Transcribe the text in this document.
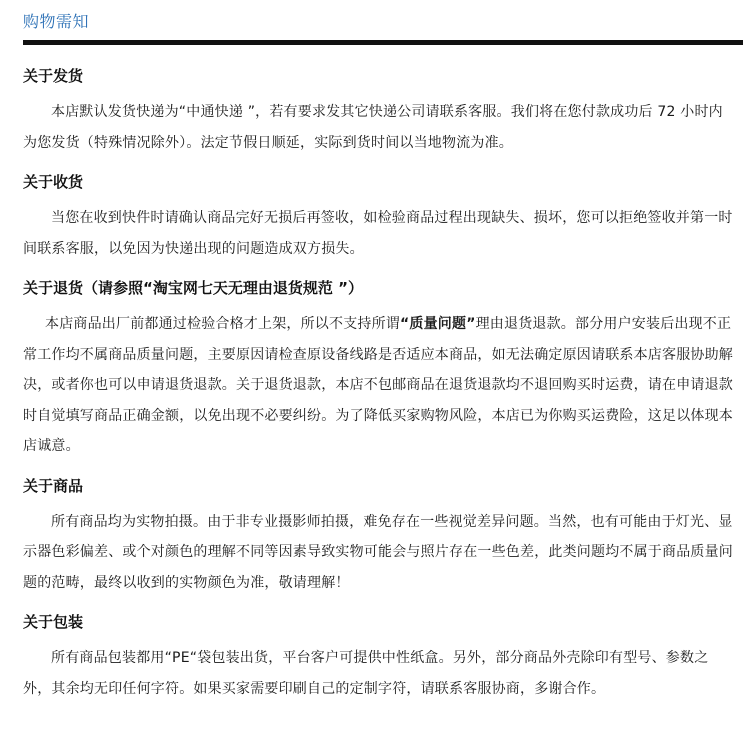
购物需知
关于发货

本店默认发货快递为“中通快递 ”，若有要求发其它快递公司请联系客服。我们将在您付款成功后 72 小时内为您发货（特殊情况除外）。法定节假日顺延，实际到货时间以当地物流为准。

关于收货

当您在收到快件时请确认商品完好无损后再签收，如检验商品过程出现缺失、损坏，您可以拒绝签收并第一时间联系客服，以免因为快递出现的问题造成双方损失。

关于退货（请参照“淘宝网七天无理由退货规范 ”）

本店商品出厂前都通过检验合格才上架，所以不支持所谓“质量问题”理由退货退款。部分用户安装后出现不正常工作均不属商品质量问题，主要原因请检查原设备线路是否适应本商品，如无法确定原因请联系本店客服协助解决，或者你也可以申请退货退款。关于退货退款，本店不包邮商品在退货退款均不退回购买时运费，请在申请退款时自觉填写商品正确金额，以免出现不必要纠纷。为了降低买家购物风险，本店已为你购买运费险，这足以体现本店诚意。

关于商品

所有商品均为实物拍摄。由于非专业摄影师拍摄，难免存在一些视觉差异问题。当然，也有可能由于灯光、显示器色彩偏差、或个对颜色的理解不同等因素导致实物可能会与照片存在一些色差，此类问题均不属于商品质量问题的范畴，最终以收到的实物颜色为准，敬请理解！

关于包装

所有商品包装都用“PE“袋包装出货，平台客户可提供中性纸盒。另外，部分商品外壳除印有型号、参数之外，其余均无印任何字符。如果买家需要印刷自己的定制字符，请联系客服协商，多谢合作。
